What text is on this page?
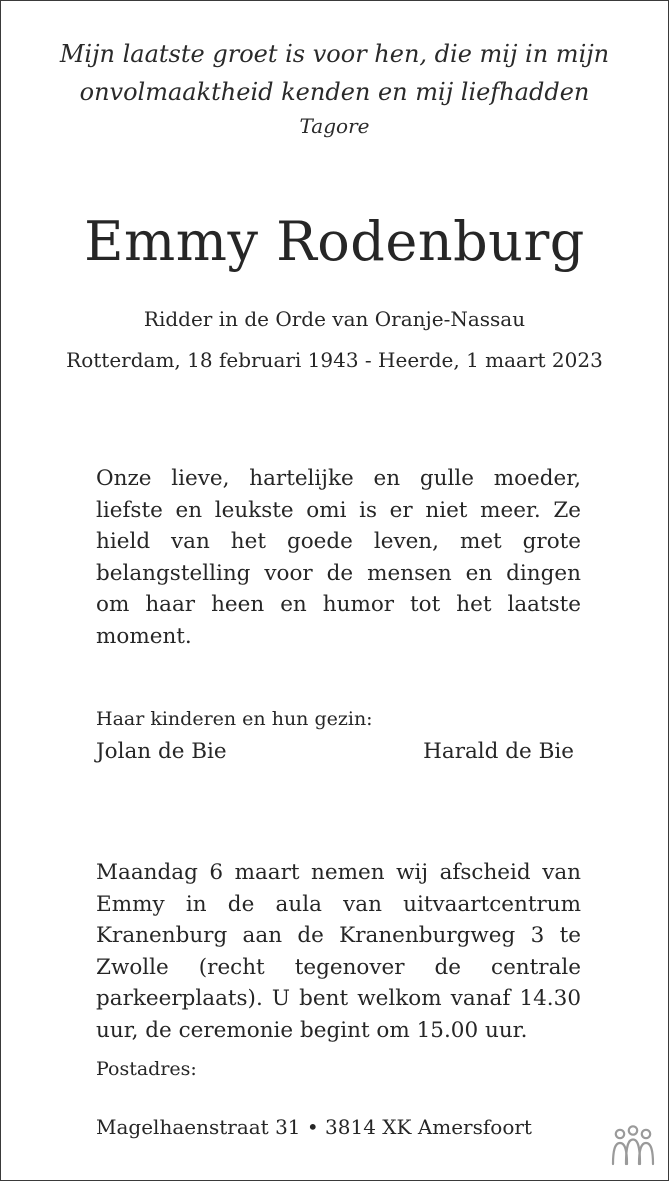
Mijn laatste groet is voor hen, die mij in mijn
onvolmaaktheid kenden en mij liefhadden
Tagore
Emmy Rodenburg
Ridder in de Orde van Oranje-Nassau
Rotterdam, 18 februari 1943 - Heerde, 1 maart 2023
Onze lieve, hartelijke en gulle moeder, liefste en leukste omi is er niet meer. Ze hield van het goede leven, met grote belangstelling voor de mensen en dingen om haar heen en humor tot het laatste moment.
Haar kinderen en hun gezin:
Jolan de Bie	Harald de Bie
Maandag 6 maart nemen wij afscheid van Emmy in de aula van uitvaartcentrum Kranenburg aan de Kranenburgweg 3 te Zwolle (recht tegenover de centrale parkeerplaats). U bent welkom vanaf 14.30 uur, de ceremonie begint om 15.00 uur.
Postadres:
Magelhaenstraat 31 • 3814 XK Amersfoort
